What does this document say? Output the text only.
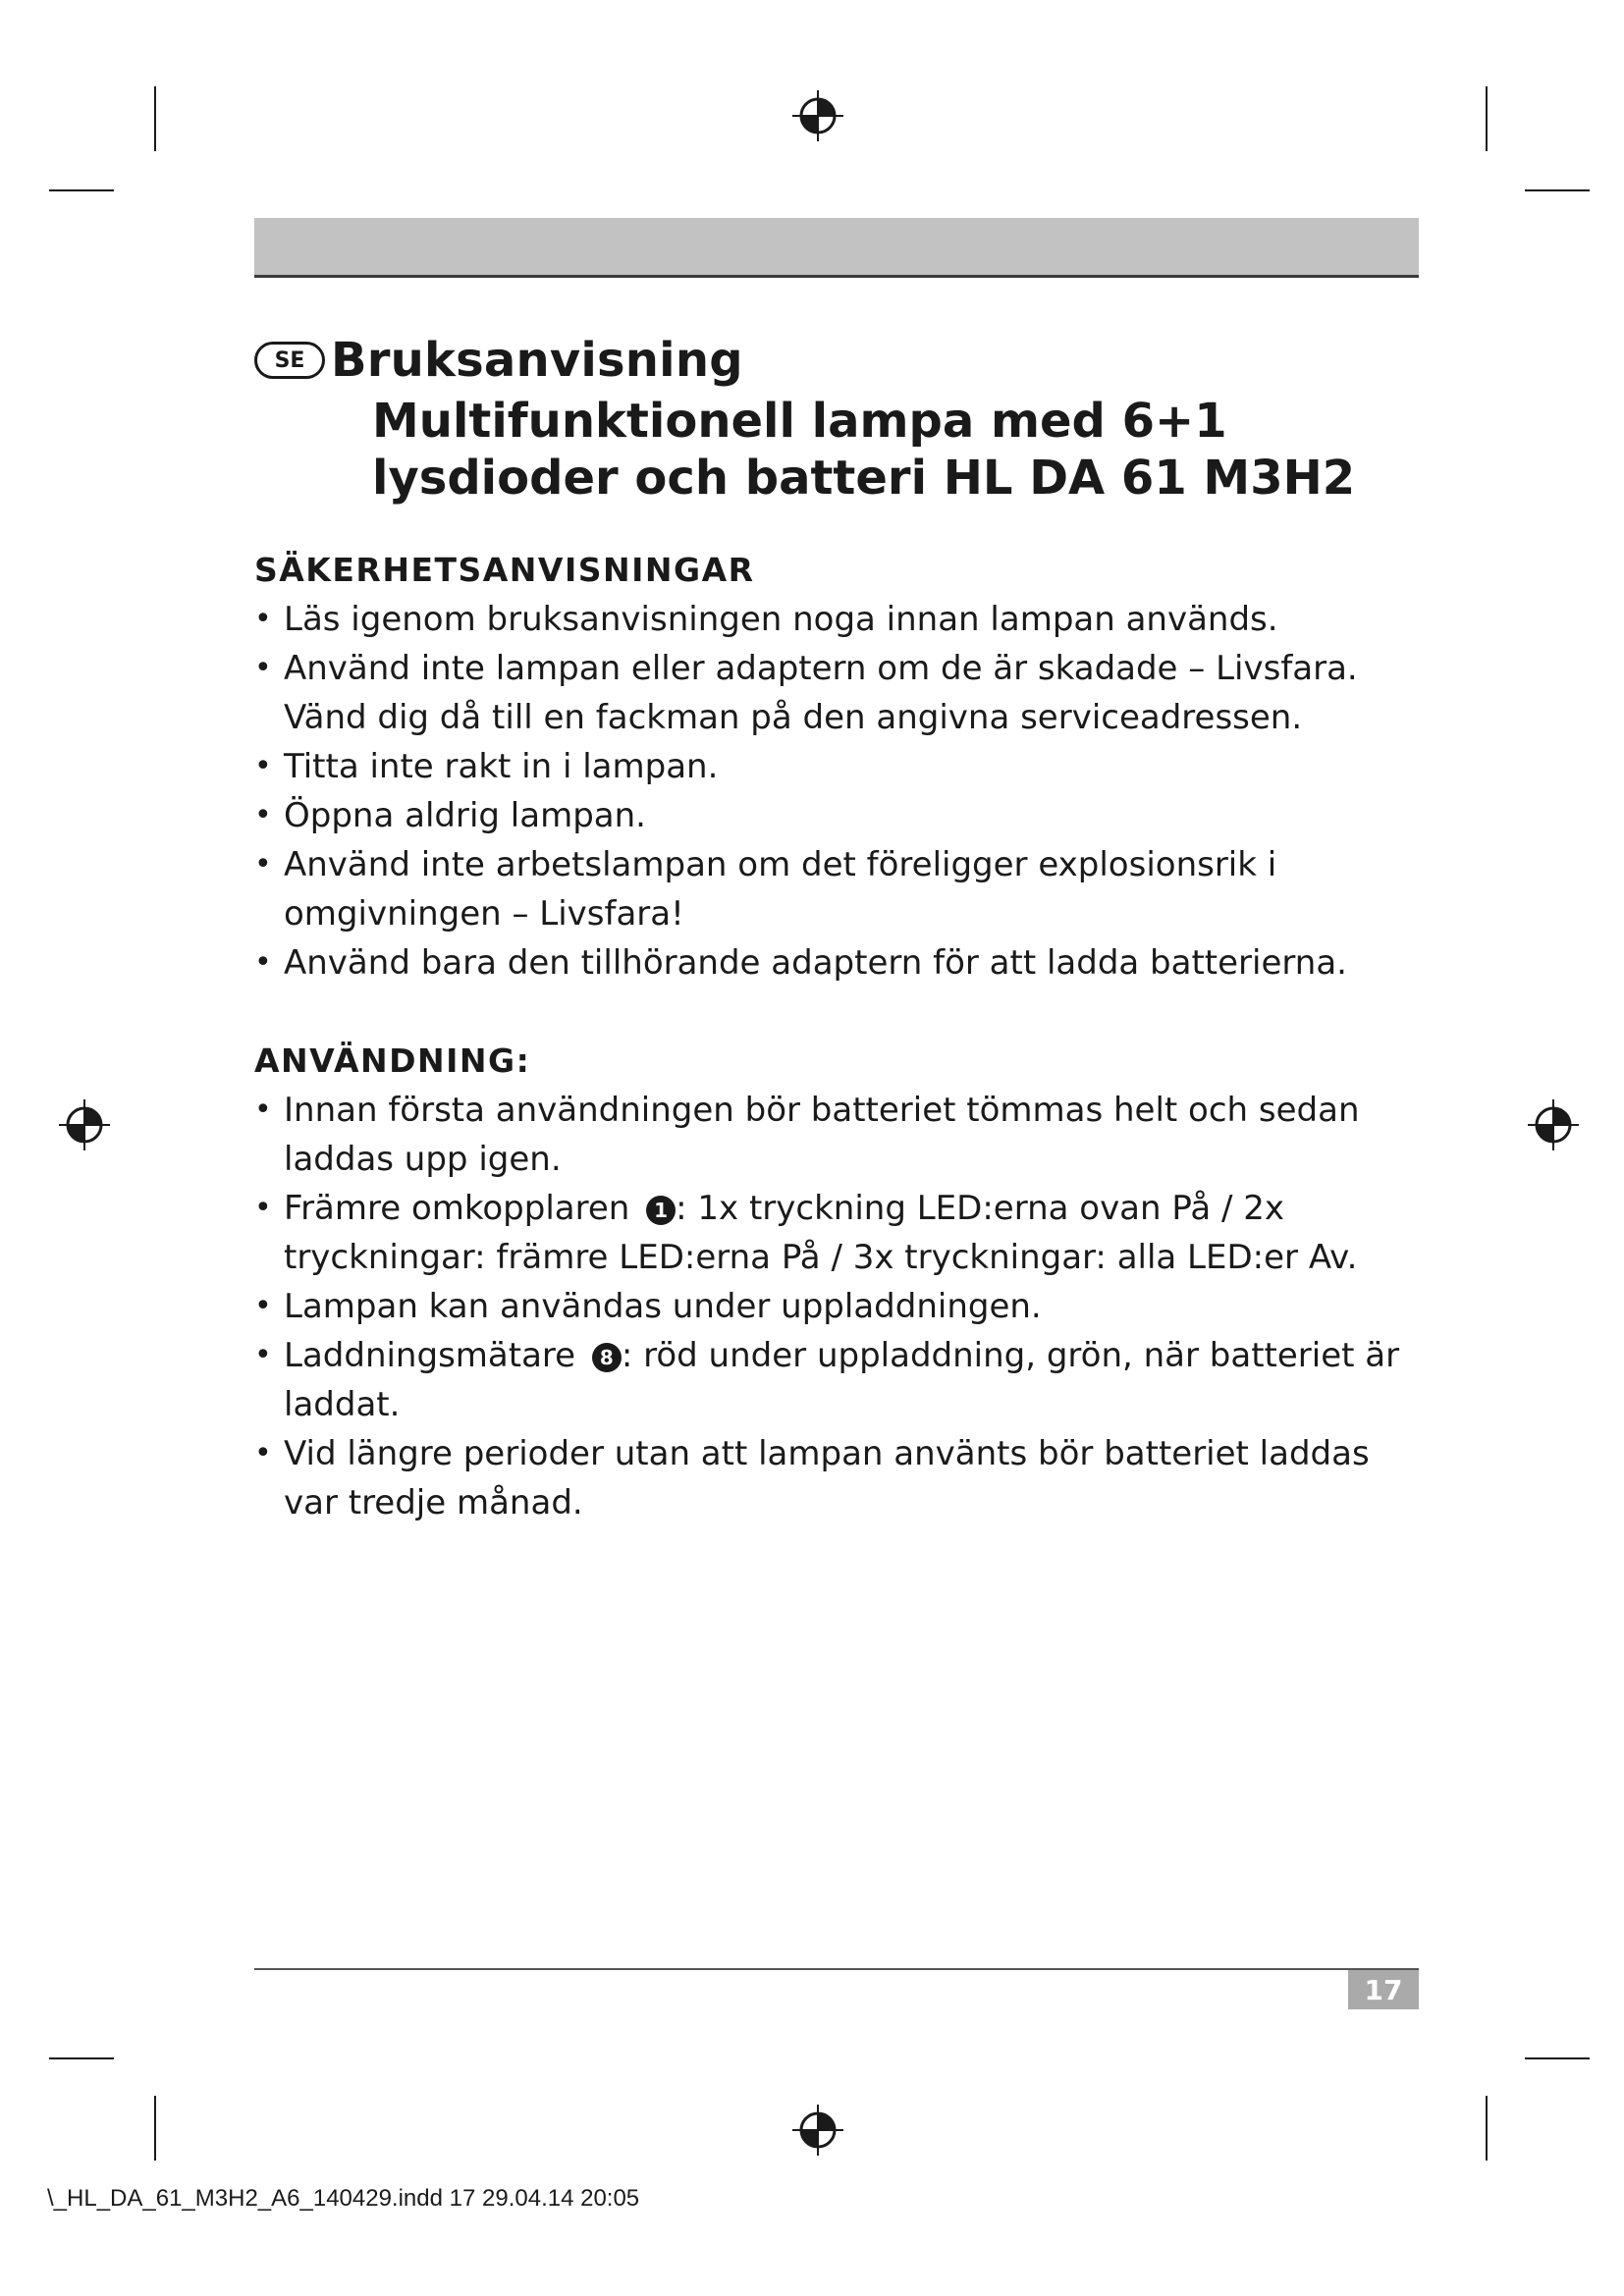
SE Bruksanvisning
Multifunktionell lampa med 6+1
lysdioder och batteri HL DA 61 M3H2
SÄKERHETSANVISNINGAR
• Läs igenom bruksanvisningen noga innan lampan används.
• Använd inte lampan eller adaptern om de är skadade – Livsfara. Vänd dig då till en fackman på den angivna serviceadressen.
• Titta inte rakt in i lampan.
• Öppna aldrig lampan.
• Använd inte arbetslampan om det föreligger explosionsrik i omgivningen – Livsfara!
• Använd bara den tillhörande adaptern för att ladda batterierna.
ANVÄNDNING:
• Innan första användningen bör batteriet tömmas helt och sedan laddas upp igen.
• Främre omkopplaren 1 : 1x tryckning LED:erna ovan På / 2x tryckningar: främre LED:erna På / 3x tryckningar: alla LED:er Av.
• Lampan kan användas under uppladdningen.
• Laddningsmätare 8 : röd under uppladdning, grön, när batteriet är laddat.
• Vid längre perioder utan att lampan använts bör batteriet laddas var tredje månad.
17
\_HL_DA_61_M3H2_A6_140429.indd 17 29.04.14 20:05
